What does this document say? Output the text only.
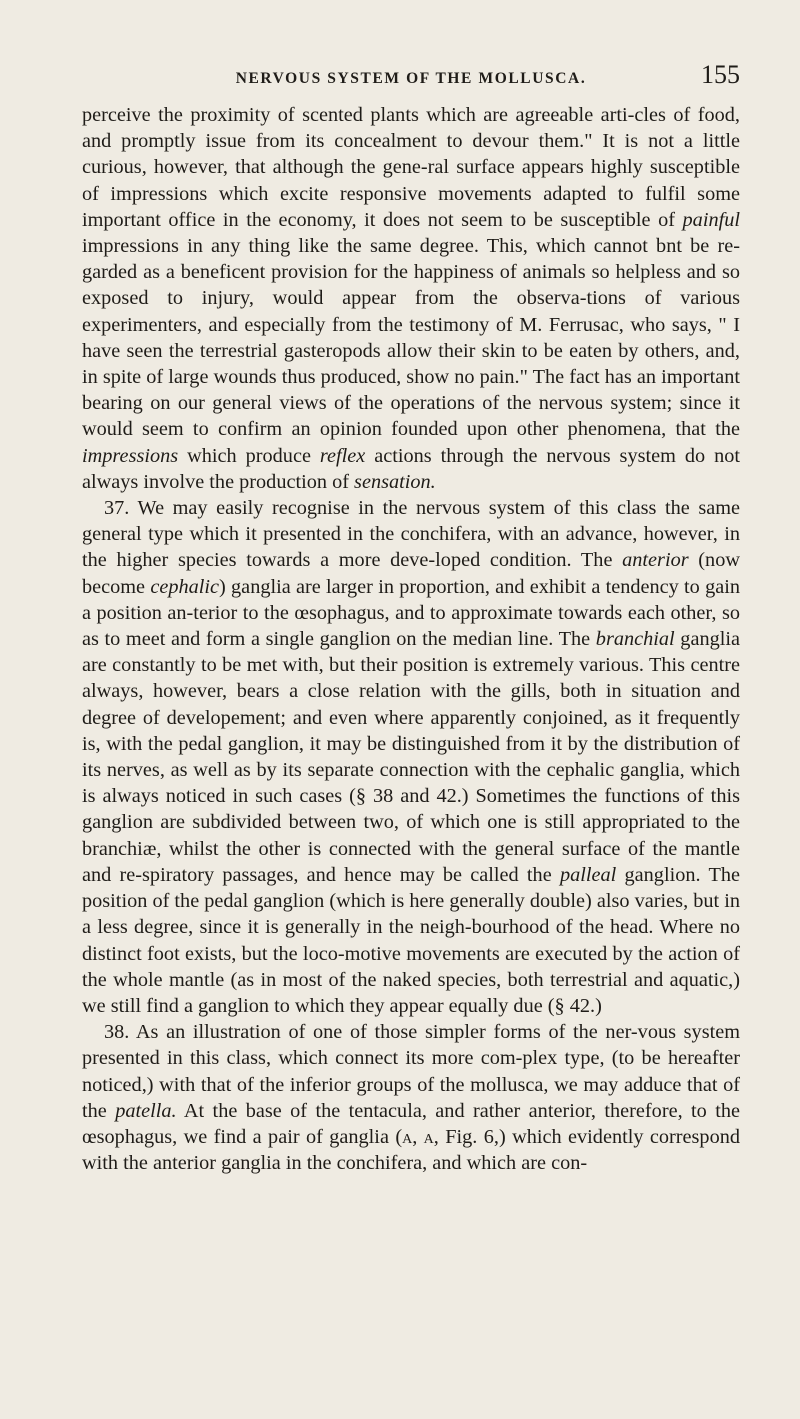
NERVOUS SYSTEM OF THE MOLLUSCA.	155

perceive the proximity of scented plants which are agreeable arti-cles of food, and promptly issue from its concealment to devour them." It is not a little curious, however, that although the gene-ral surface appears highly susceptible of impressions which excite responsive movements adapted to fulfil some important office in the economy, it does not seem to be susceptible of painful impressions in any thing like the same degree. This, which cannot bnt be re-garded as a beneficent provision for the happiness of animals so helpless and so exposed to injury, would appear from the observa-tions of various experimenters, and especially from the testimony of M. Ferrusac, who says, " I have seen the terrestrial gasteropods allow their skin to be eaten by others, and, in spite of large wounds thus produced, show no pain." The fact has an important bearing on our general views of the operations of the nervous system; since it would seem to confirm an opinion founded upon other phenomena, that the impressions which produce reflex actions through the nervous system do not always involve the production of sensation.

37. We may easily recognise in the nervous system of this class the same general type which it presented in the conchifera, with an advance, however, in the higher species towards a more deve-loped condition. The anterior (now become cephalic) ganglia are larger in proportion, and exhibit a tendency to gain a position an-terior to the œsophagus, and to approximate towards each other, so as to meet and form a single ganglion on the median line. The branchial ganglia are constantly to be met with, but their position is extremely various. This centre always, however, bears a close relation with the gills, both in situation and degree of developement; and even where apparently conjoined, as it frequently is, with the pedal ganglion, it may be distinguished from it by the distribution of its nerves, as well as by its separate connection with the cephalic ganglia, which is always noticed in such cases (§ 38 and 42.) Sometimes the functions of this ganglion are subdivided between two, of which one is still appropriated to the branchiæ, whilst the other is connected with the general surface of the mantle and re-spiratory passages, and hence may be called the palleal ganglion. The position of the pedal ganglion (which is here generally double) also varies, but in a less degree, since it is generally in the neigh-bourhood of the head. Where no distinct foot exists, but the loco-motive movements are executed by the action of the whole mantle (as in most of the naked species, both terrestrial and aquatic,) we still find a ganglion to which they appear equally due (§ 42.)

38. As an illustration of one of those simpler forms of the ner-vous system presented in this class, which connect its more com-plex type, (to be hereafter noticed,) with that of the inferior groups of the mollusca, we may adduce that of the patella. At the base of the tentacula, and rather anterior, therefore, to the œsophagus, we find a pair of ganglia (a, a, Fig. 6,) which evidently correspond with the anterior ganglia in the conchifera, and which are con-
